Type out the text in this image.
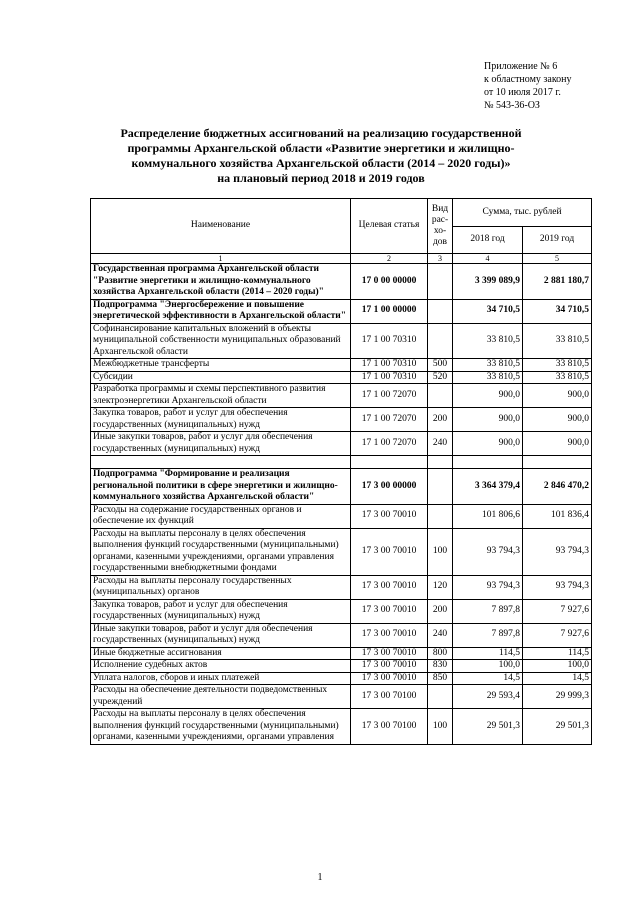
Приложение № 6
к областному закону
от 10 июля 2017 г.
№ 543-36-ОЗ
Распределение бюджетных ассигнований на реализацию государственной
программы Архангельской области «Развитие энергетики и жилищно-
коммунального хозяйства Архангельской области (2014 – 2020 годы)»
на плановый период 2018 и 2019 годов
Наименование	Целевая статья	Вид рас-хо-дов	Сумма, тыс. рублей	
			2018 год	2019 год
1	2	3	4	5
Государственная программа Архангельской области "Развитие энергетики и жилищно-коммунального хозяйства Архангельской области (2014 – 2020 годы)"	17 0 00 00000		3 399 089,9	2 881 180,7
Подпрограмма "Энергосбережение и повышение энергетической эффективности в Архангельской области"	17 1 00 00000		34 710,5	34 710,5
Софинансирование капитальных вложений в объекты муниципальной собственности муниципальных образований Архангельской области	17 1 00 70310		33 810,5	33 810,5
Межбюджетные трансферты	17 1 00 70310	500	33 810,5	33 810,5
Субсидии	17 1 00 70310	520	33 810,5	33 810,5
Разработка программы и схемы перспективного развития электроэнергетики Архангельской области	17 1 00 72070		900,0	900,0
Закупка товаров, работ и услуг для обеспечения государственных (муниципальных) нужд	17 1 00 72070	200	900,0	900,0
Иные закупки товаров, работ и услуг для обеспечения государственных (муниципальных) нужд	17 1 00 72070	240	900,0	900,0

Подпрограмма "Формирование и реализация региональной политики в сфере энергетики и жилищно-коммунального хозяйства Архангельской области"	17 3 00 00000		3 364 379,4	2 846 470,2
Расходы на содержание государственных органов и обеспечение их функций	17 3 00 70010		101 806,6	101 836,4
Расходы на выплаты персоналу в целях обеспечения выполнения функций государственными (муниципальными) органами, казенными учреждениями, органами управления государственными внебюджетными фондами	17 3 00 70010	100	93 794,3	93 794,3
Расходы на выплаты персоналу государственных (муниципальных) органов	17 3 00 70010	120	93 794,3	93 794,3
Закупка товаров, работ и услуг для обеспечения государственных (муниципальных) нужд	17 3 00 70010	200	7 897,8	7 927,6
Иные закупки товаров, работ и услуг для обеспечения государственных (муниципальных) нужд	17 3 00 70010	240	7 897,8	7 927,6
Иные бюджетные ассигнования	17 3 00 70010	800	114,5	114,5
Исполнение судебных актов	17 3 00 70010	830	100,0	100,0
Уплата налогов, сборов и иных платежей	17 3 00 70010	850	14,5	14,5
Расходы на обеспечение деятельности подведомственных учреждений	17 3 00 70100		29 593,4	29 999,3
Расходы на выплаты персоналу в целях обеспечения выполнения функций государственными (муниципальными) органами, казенными учреждениями, органами управления	17 3 00 70100	100	29 501,3	29 501,3
1
